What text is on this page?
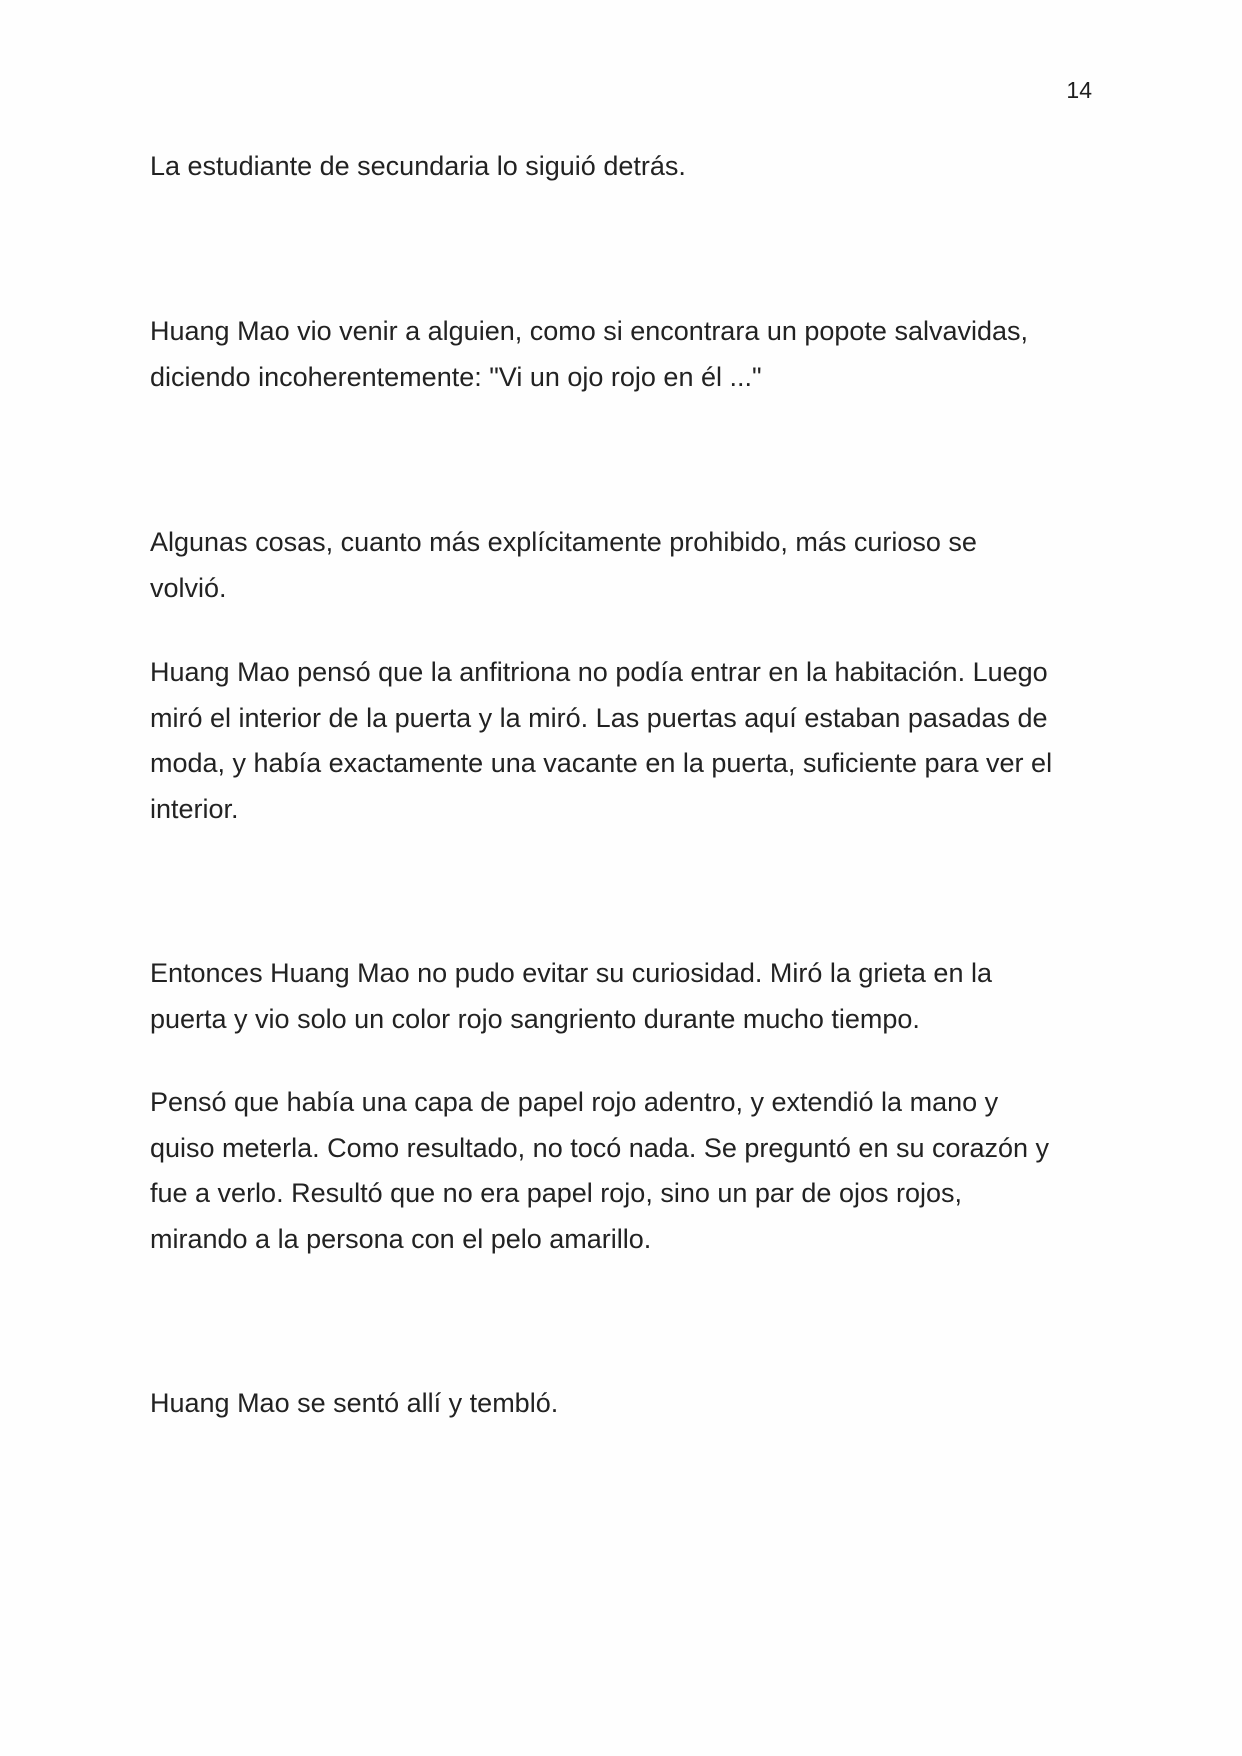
14

La estudiante de secundaria lo siguió detrás.

Huang Mao vio venir a alguien, como si encontrara un popote salvavidas,
diciendo incoherentemente: "Vi un ojo rojo en él ..."

Algunas cosas, cuanto más explícitamente prohibido, más curioso se
volvió.

Huang Mao pensó que la anfitriona no podía entrar en la habitación. Luego
miró el interior de la puerta y la miró. Las puertas aquí estaban pasadas de
moda, y había exactamente una vacante en la puerta, suficiente para ver el
interior.

Entonces Huang Mao no pudo evitar su curiosidad. Miró la grieta en la
puerta y vio solo un color rojo sangriento durante mucho tiempo.

Pensó que había una capa de papel rojo adentro, y extendió la mano y
quiso meterla. Como resultado, no tocó nada. Se preguntó en su corazón y
fue a verlo. Resultó que no era papel rojo, sino un par de ojos rojos,
mirando a la persona con el pelo amarillo.

Huang Mao se sentó allí y tembló.
